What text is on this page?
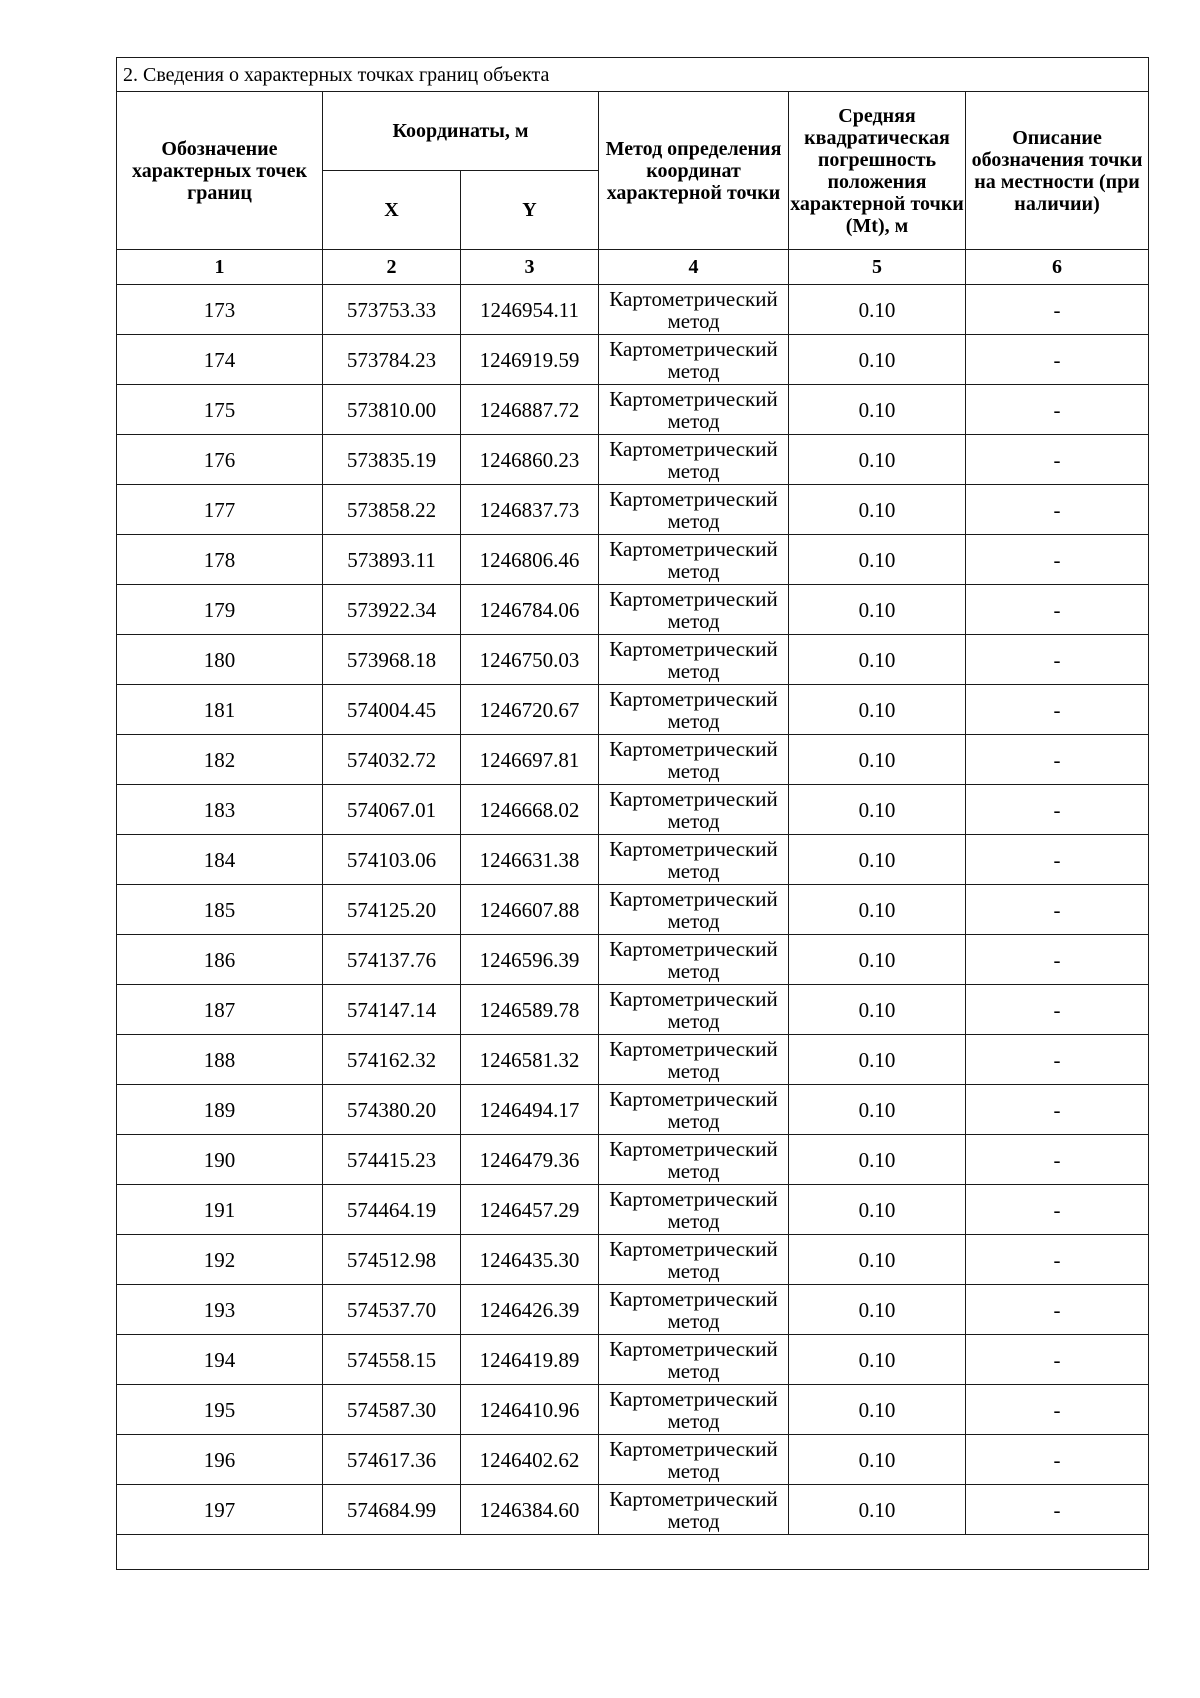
2. Сведения о характерных точках границ объекта					
Обозначение характерных точек границ	Координаты, м		Метод определения координат характерной точки	Средняя квадратическая погрешность положения характерной точки (Mt), м	Описание обозначения точки на местности (при наличии)
	X	Y			
1	2	3	4	5	6
173	573753.33	1246954.11	Картометрический метод	0.10	-
174	573784.23	1246919.59	Картометрический метод	0.10	-
175	573810.00	1246887.72	Картометрический метод	0.10	-
176	573835.19	1246860.23	Картометрический метод	0.10	-
177	573858.22	1246837.73	Картометрический метод	0.10	-
178	573893.11	1246806.46	Картометрический метод	0.10	-
179	573922.34	1246784.06	Картометрический метод	0.10	-
180	573968.18	1246750.03	Картометрический метод	0.10	-
181	574004.45	1246720.67	Картометрический метод	0.10	-
182	574032.72	1246697.81	Картометрический метод	0.10	-
183	574067.01	1246668.02	Картометрический метод	0.10	-
184	574103.06	1246631.38	Картометрический метод	0.10	-
185	574125.20	1246607.88	Картометрический метод	0.10	-
186	574137.76	1246596.39	Картометрический метод	0.10	-
187	574147.14	1246589.78	Картометрический метод	0.10	-
188	574162.32	1246581.32	Картометрический метод	0.10	-
189	574380.20	1246494.17	Картометрический метод	0.10	-
190	574415.23	1246479.36	Картометрический метод	0.10	-
191	574464.19	1246457.29	Картометрический метод	0.10	-
192	574512.98	1246435.30	Картометрический метод	0.10	-
193	574537.70	1246426.39	Картометрический метод	0.10	-
194	574558.15	1246419.89	Картометрический метод	0.10	-
195	574587.30	1246410.96	Картометрический метод	0.10	-
196	574617.36	1246402.62	Картометрический метод	0.10	-
197	574684.99	1246384.60	Картометрический метод	0.10	-
